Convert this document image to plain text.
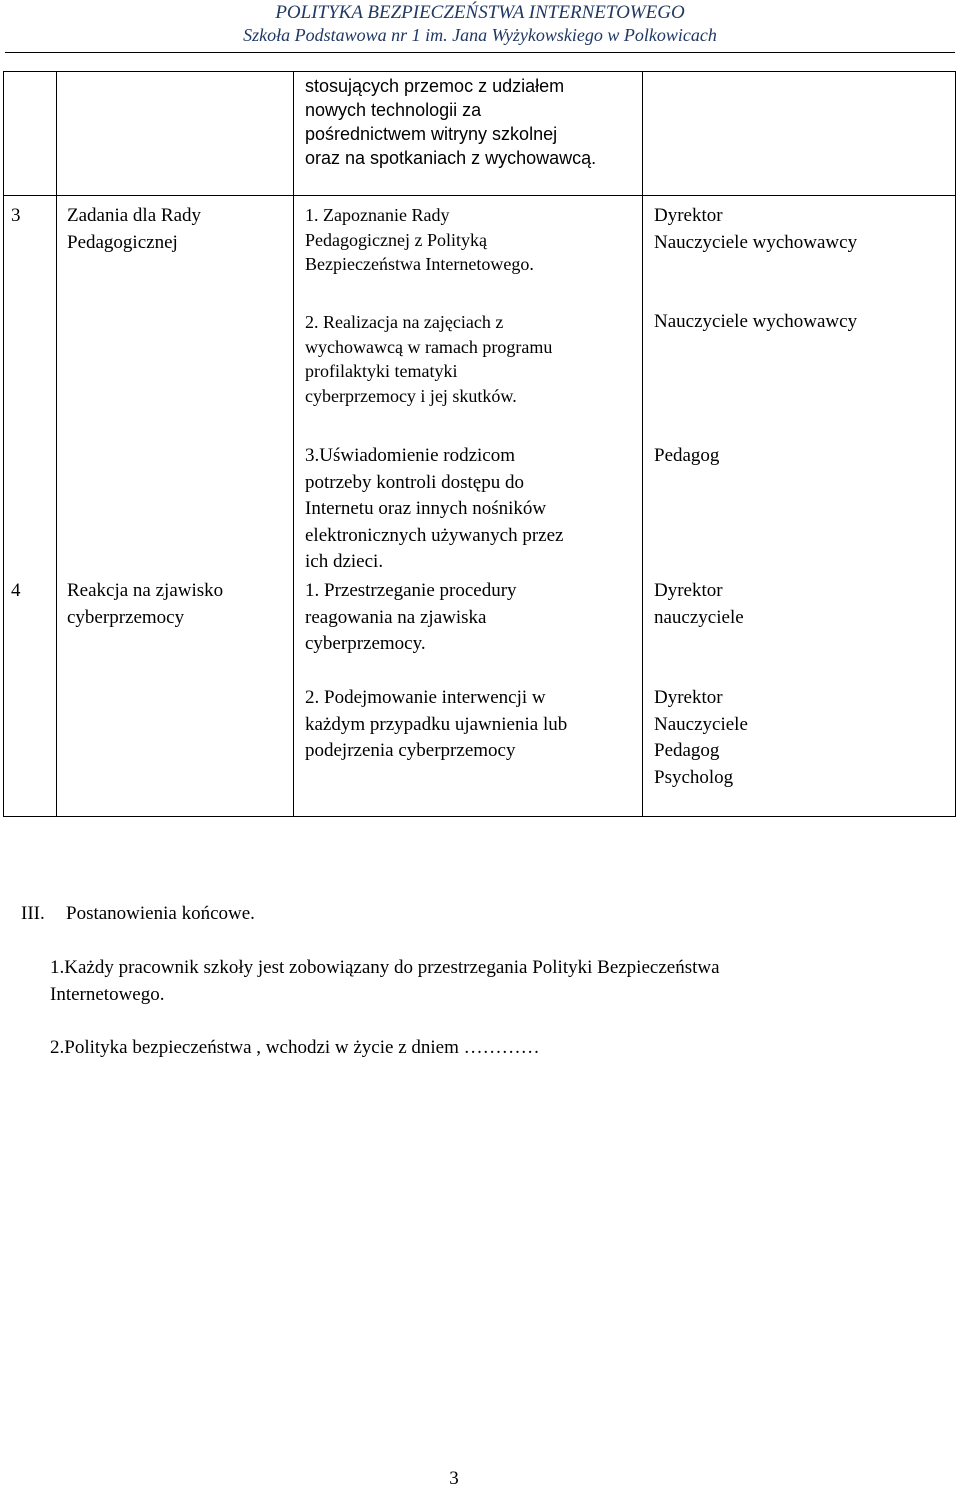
POLITYKA BEZPIECZEŃSTWA INTERNETOWEGO
Szkoła Podstawowa nr 1 im. Jana Wyżykowskiego w Polkowicach
stosujących przemoc z udziałem
nowych technologii za
pośrednictwem witryny szkolnej
oraz na spotkaniach z wychowawcą.
3 Zadania dla Rady
Pedagogicznej
1. Zapoznanie Rady
Pedagogicznej z Polityką
Bezpieczeństwa Internetowego.
2. Realizacja na zajęciach z
wychowawcą w ramach programu
profilaktyki tematyki
cyberprzemocy i jej skutków.
3.Uświadomienie rodzicom
potrzeby kontroli dostępu do
Internetu oraz innych nośników
elektronicznych używanych przez
ich dzieci.
Dyrektor
Nauczyciele wychowawcy
Nauczyciele wychowawcy
Pedagog
4 Reakcja na zjawisko
cyberprzemocy
1. Przestrzeganie procedury
reagowania na zjawiska
cyberprzemocy.
2. Podejmowanie interwencji w
każdym przypadku ujawnienia lub
podejrzenia cyberprzemocy
Dyrektor
nauczyciele
Dyrektor
Nauczyciele
Pedagog
Psycholog
III. Postanowienia końcowe.
1.Każdy pracownik szkoły jest zobowiązany do przestrzegania Polityki Bezpieczeństwa
Internetowego.
2.Polityka bezpieczeństwa , wchodzi w życie z dniem …………
3
